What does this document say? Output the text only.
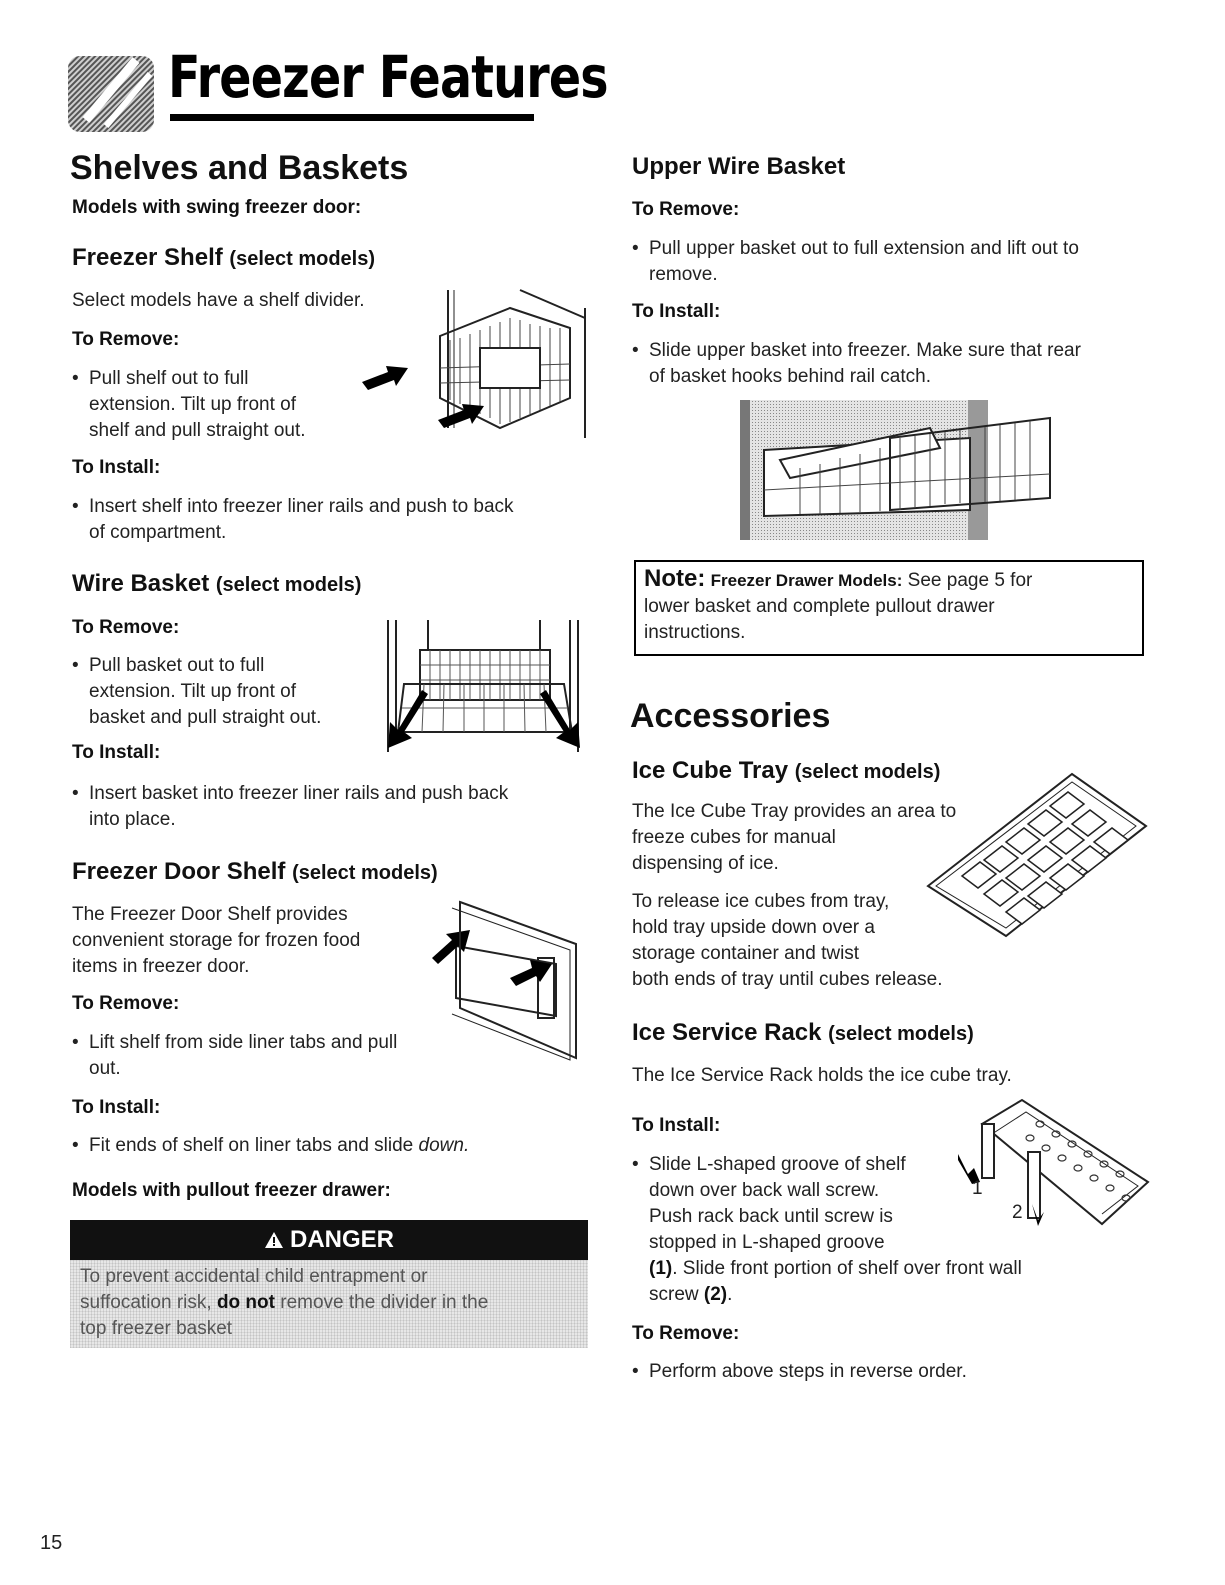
Freezer Features
Shelves and Baskets
Models with swing freezer door:
Freezer Shelf (select models)
Select models have a shelf divider.
To Remove:
• Pull shelf out to full
extension. Tilt up front of
shelf and pull straight out.
To Install:
• Insert shelf into freezer liner rails and push to back
of compartment.
Wire Basket (select models)
To Remove:
• Pull basket out to full
extension. Tilt up front of
basket and pull straight out.
To Install:
• Insert basket into freezer liner rails and push back
into place.
Freezer Door Shelf (select models)
The Freezer Door Shelf provides
convenient storage for frozen food
items in freezer door.
To Remove:
• Lift shelf from side liner tabs and pull
out.
To Install:
• Fit ends of shelf on liner tabs and slide down.
Models with pullout freezer drawer:
DANGER
To prevent accidental child entrapment or
suffocation risk, do not remove the divider in the
top freezer basket
Upper Wire Basket
To Remove:
• Pull upper basket out to full extension and lift out to
remove.
To Install:
• Slide upper basket into freezer. Make sure that rear
of basket hooks behind rail catch.
Note: Freezer Drawer Models: See page 5 for
lower basket and complete pullout drawer
instructions.
Accessories
Ice Cube Tray (select models)
The Ice Cube Tray provides an area to
freeze cubes for manual
dispensing of ice.
To release ice cubes from tray,
hold tray upside down over a
storage container and twist
both ends of tray until cubes release.
Ice Service Rack (select models)
The Ice Service Rack holds the ice cube tray.
To Install:
• Slide L-shaped groove of shelf
down over back wall screw.
Push rack back until screw is
stopped in L-shaped groove
(1). Slide front portion of shelf over front wall
screw (2).
1
2
To Remove:
• Perform above steps in reverse order.
15
